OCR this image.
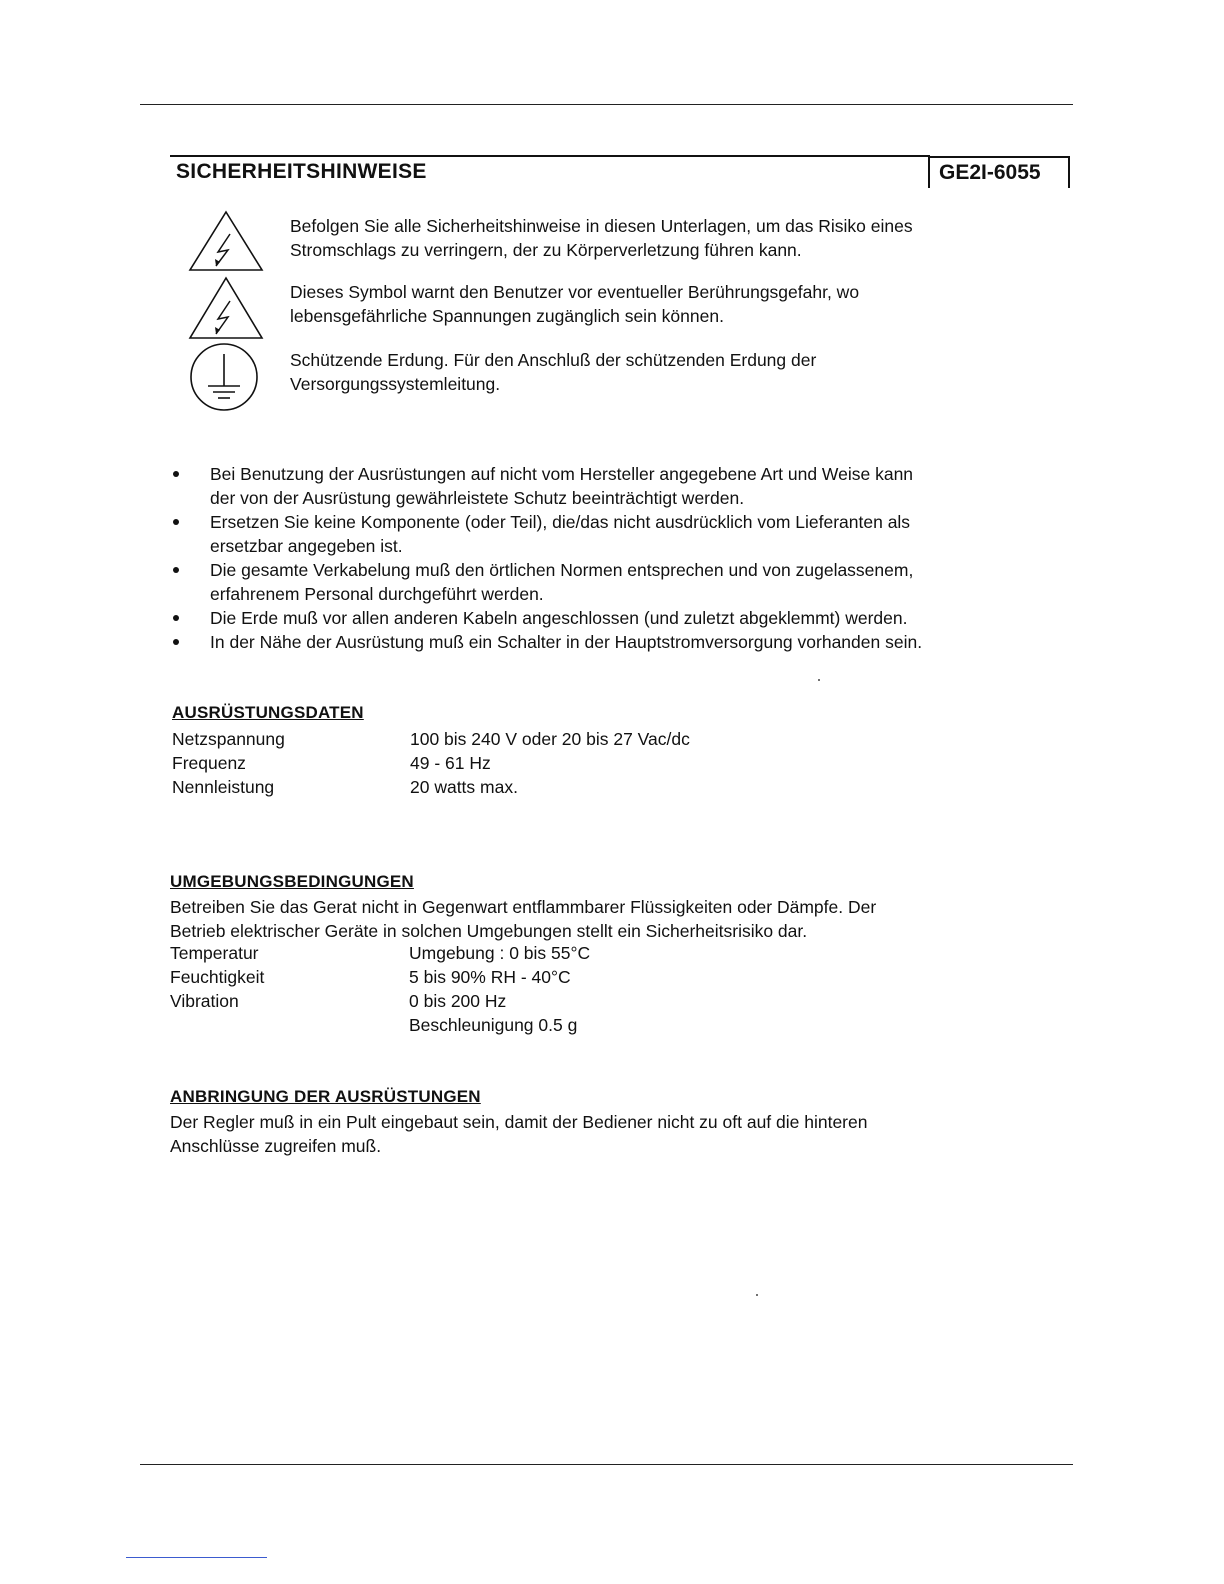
SICHERHEITSHINWEISE	GE2I-6055
Befolgen Sie alle Sicherheitshinweise in diesen Unterlagen, um das Risiko eines
Stromschlags zu verringern, der zu Körperverletzung führen kann.
Dieses Symbol warnt den Benutzer vor eventueller Berührungsgefahr, wo
lebensgefährliche Spannungen zugänglich sein können.
Schützende Erdung. Für den Anschluß der schützenden Erdung der
Versorgungssystemleitung.
Bei Benutzung der Ausrüstungen auf nicht vom Hersteller angegebene Art und Weise kann
der von der Ausrüstung gewährleistete Schutz beeinträchtigt werden.
Ersetzen Sie keine Komponente (oder Teil), die/das nicht ausdrücklich vom Lieferanten als
ersetzbar angegeben ist.
Die gesamte Verkabelung muß den örtlichen Normen entsprechen und von zugelassenem,
erfahrenem Personal durchgeführt werden.
Die Erde muß vor allen anderen Kabeln angeschlossen (und zuletzt abgeklemmt) werden.
In der Nähe der Ausrüstung muß ein Schalter in der Hauptstromversorgung vorhanden sein.
AUSRÜSTUNGSDATEN
Netzspannung
Frequenz
Nennleistung
100 bis 240 V oder 20 bis 27 Vac/dc
49 - 61 Hz
20 watts max.
UMGEBUNGSBEDINGUNGEN
Betreiben Sie das Gerat nicht in Gegenwart entflammbarer Flüssigkeiten oder Dämpfe. Der
Betrieb elektrischer Geräte in solchen Umgebungen stellt ein Sicherheitsrisiko dar.
Temperatur
Feuchtigkeit
Vibration
Umgebung : 0 bis 55°C
5 bis 90% RH - 40°C
0 bis 200 Hz
Beschleunigung 0.5 g
ANBRINGUNG DER AUSRÜSTUNGEN
Der Regler muß in ein Pult eingebaut sein, damit der Bediener nicht zu oft auf die hinteren
Anschlüsse zugreifen muß.
